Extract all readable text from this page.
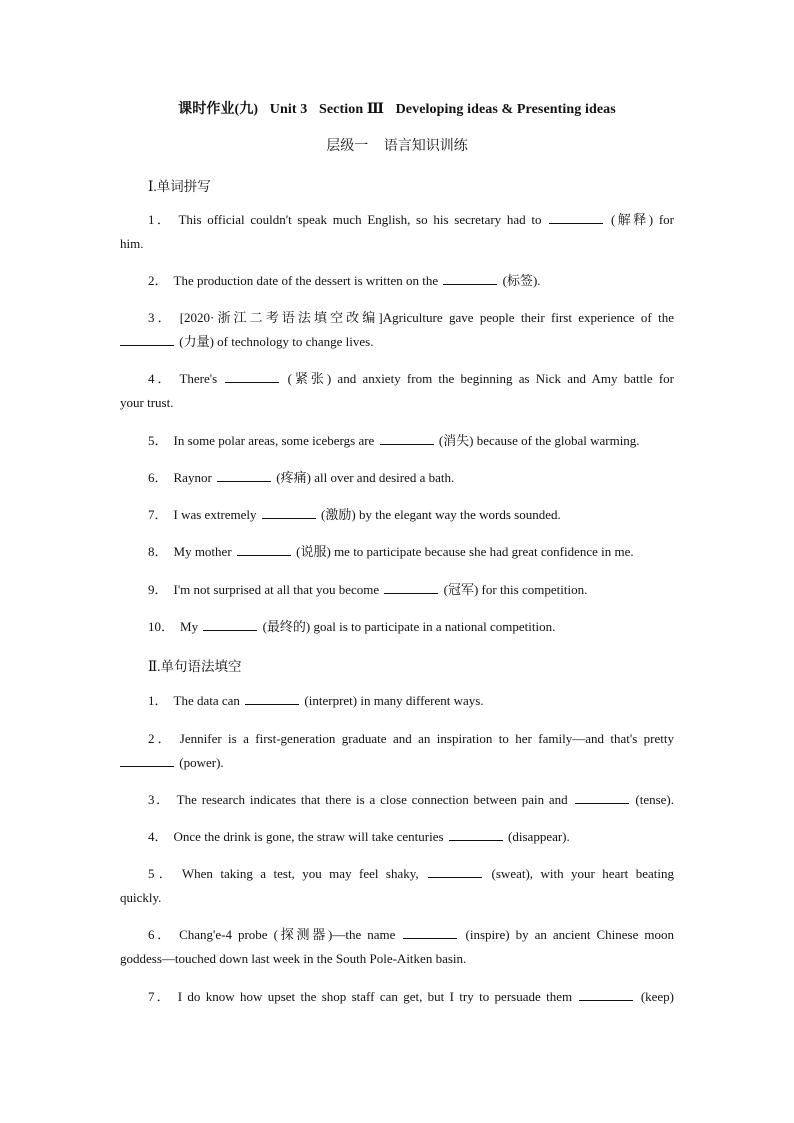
课时作业(九) Unit 3 Section Ⅲ Developing ideas & Presenting ideas
层级一 语言知识训练
Ⅰ.单词拼写
1． This official couldn't speak much English, so his secretary had to	(解释) for
him.
2． The production date of the dessert is written on the	(标签).
3． [2020·浙江二考语法填空改编]Agriculture gave people their first experience of the
(力量) of technology to change lives.
4． There's	(紧张) and anxiety from the beginning as Nick and Amy battle for
your trust.
5． In some polar areas, some icebergs are	(消失) because of the global warming.
6． Raynor	(疼痛) all over and desired a bath.
7． I was extremely	(激励) by the elegant way the words sounded.
8． My mother	(说服) me to participate because she had great confidence in me.
9． I'm not surprised at all that you become	(冠军) for this competition.
10． My	(最终的) goal is to participate in a national competition.
Ⅱ.单句语法填空
1． The data can	(interpret) in many different ways.
2． Jennifer is a first-generation graduate and an inspiration to her family—and that's pretty
(power).
3． The research indicates that there is a close connection between pain and	(tense).
4． Once the drink is gone, the straw will take centuries	(disappear).
5． When taking a test, you may feel shaky,	(sweat), with your heart beating
quickly.
6． Chang'e-4 probe (探测器)—the name	(inspire) by an ancient Chinese moon
goddess—touched down last week in the South Pole-Aitken basin.
7． I do know how upset the shop staff can get, but I try to persuade them	(keep)
